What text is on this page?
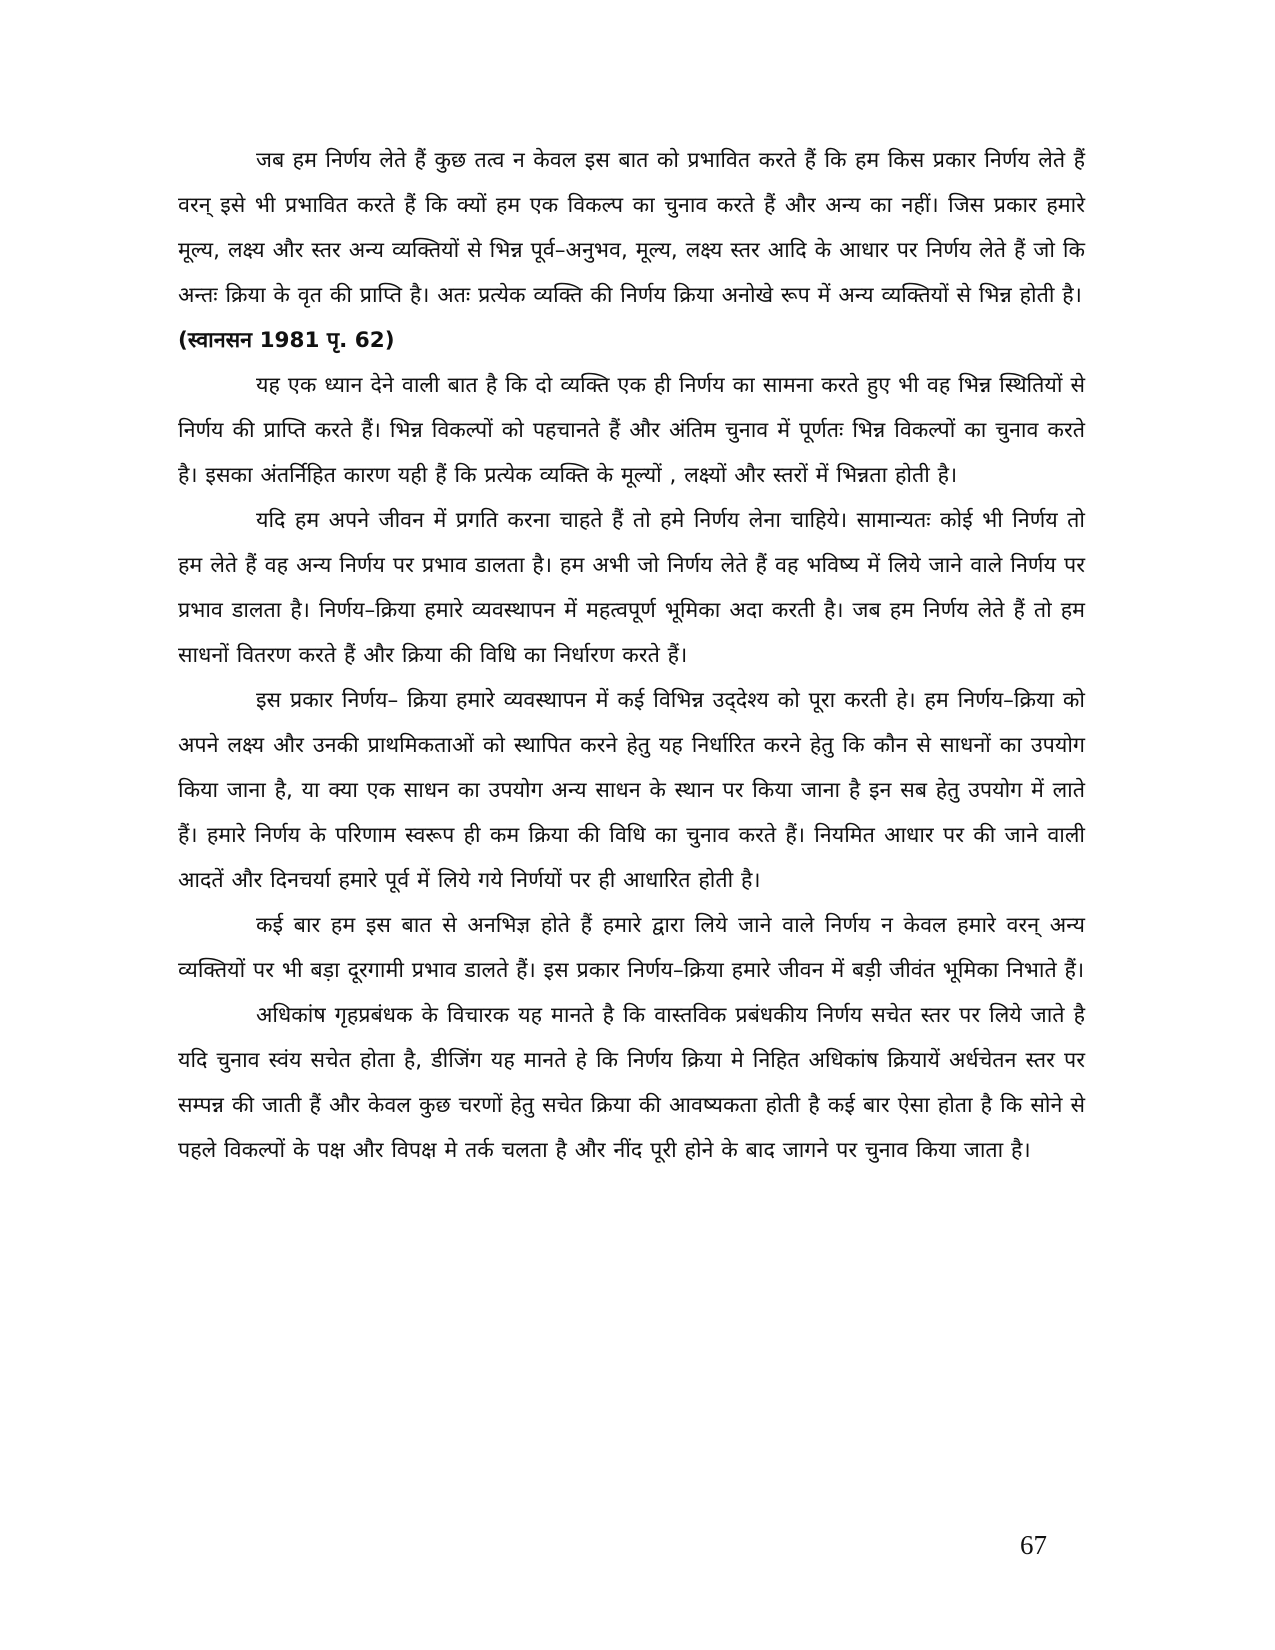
जब हम निर्णय लेते हैं कुछ तत्व न केवल इस बात को प्रभावित करते हैं कि हम किस प्रकार निर्णय लेते हैं वरन् इसे भी प्रभावित करते हैं कि क्यों हम एक विकल्प का चुनाव करते हैं और अन्य का नहीं। जिस प्रकार हमारे मूल्य, लक्ष्य और स्तर अन्य व्यक्तियों से भिन्न पूर्व–अनुभव, मूल्य, लक्ष्य स्तर आदि के आधार पर निर्णय लेते हैं जो कि अन्तः क्रिया के वृत की प्राप्ति है। अतः प्रत्येक व्यक्ति की निर्णय क्रिया अनोखे रूप में अन्य व्यक्तियों से भिन्न होती है।

(स्वानसन 1981 पृ. 62)

यह एक ध्यान देने वाली बात है कि दो व्यक्ति एक ही निर्णय का सामना करते हुए भी वह भिन्न स्थितियों से निर्णय की प्राप्ति करते हैं। भिन्न विकल्पों को पहचानते हैं और अंतिम चुनाव में पूर्णतः भिन्न विकल्पों का चुनाव करते है। इसका अंतर्निहित कारण यही हैं कि प्रत्येक व्यक्ति के मूल्यों , लक्ष्यों और स्तरों में भिन्नता होती है।

यदि हम अपने जीवन में प्रगति करना चाहते हैं तो हमे निर्णय लेना चाहिये। सामान्यतः कोई भी निर्णय तो हम लेते हैं वह अन्य निर्णय पर प्रभाव डालता है। हम अभी जो निर्णय लेते हैं वह भविष्य में लिये जाने वाले निर्णय पर प्रभाव डालता है। निर्णय–क्रिया हमारे व्यवस्थापन में महत्वपूर्ण भूमिका अदा करती है। जब हम निर्णय लेते हैं तो हम साधनों वितरण करते हैं और क्रिया की विधि का निर्धारण करते हैं।

इस प्रकार निर्णय– क्रिया हमारे व्यवस्थापन में कई विभिन्न उद्‌देश्य को पूरा करती हे। हम निर्णय–क्रिया को अपने लक्ष्य और उनकी प्राथमिकताओं को स्थापित करने हेतु यह निर्धारित करने हेतु कि कौन से साधनों का उपयोग किया जाना है, या क्या एक साधन का उपयोग अन्य साधन के स्थान पर किया जाना है इन सब हेतु उपयोग में लाते हैं। हमारे निर्णय के परिणाम स्वरूप ही कम क्रिया की विधि का चुनाव करते हैं। नियमित आधार पर की जाने वाली आदतें और दिनचर्या हमारे पूर्व में लिये गये निर्णयों पर ही आधारित होती है।

कई बार हम इस बात से अनभिज्ञ होते हैं हमारे द्वारा लिये जाने वाले निर्णय न केवल हमारे वरन् अन्य व्यक्तियों पर भी बड़ा दूरगामी प्रभाव डालते हैं। इस प्रकार निर्णय–क्रिया हमारे जीवन में बड़ी जीवंत भूमिका निभाते हैं।

अधिकांष गृहप्रबंधक के विचारक यह मानते है कि वास्तविक प्रबंधकीय निर्णय सचेत स्तर पर लिये जाते है यदि चुनाव स्वंय सचेत होता है, डीजिंग यह मानते हे कि निर्णय क्रिया मे निहित अधिकांष क्रियायें अर्धचेतन स्तर पर सम्पन्न की जाती हैं और केवल कुछ चरणों हेतु सचेत क्रिया की आवष्यकता होती है कई बार ऐसा होता है कि सोने से पहले विकल्पों के पक्ष और विपक्ष मे तर्क चलता है और नींद पूरी होने के बाद जागने पर चुनाव किया जाता है।

67
